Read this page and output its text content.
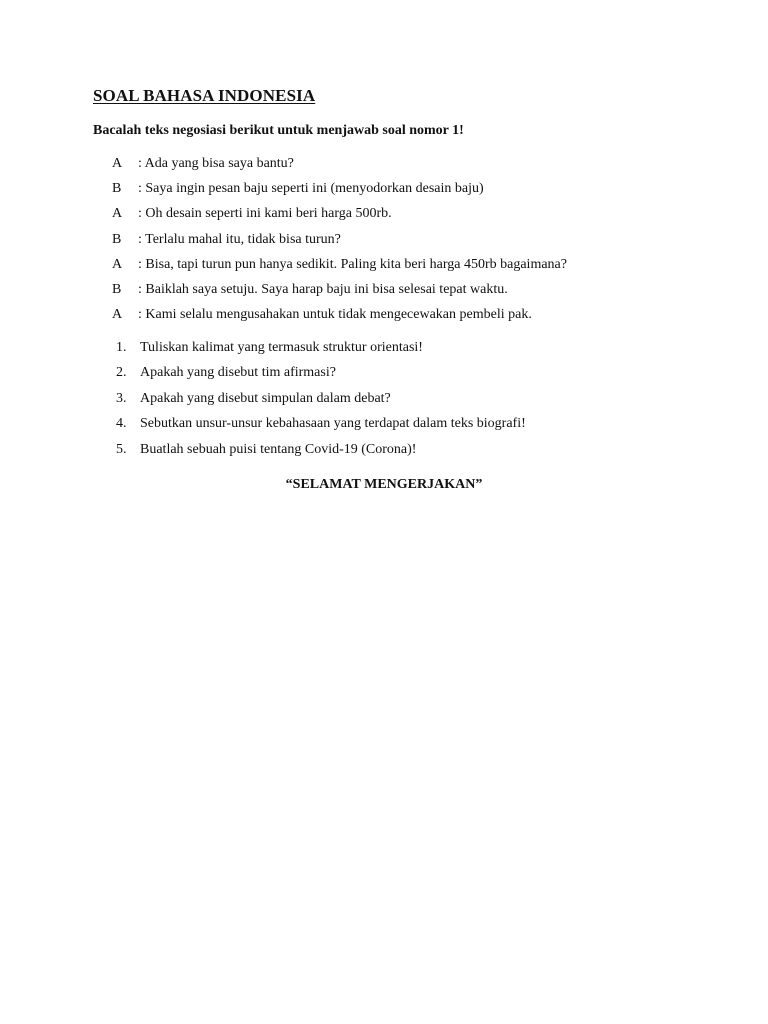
SOAL BAHASA INDONESIA
Bacalah teks negosiasi berikut untuk menjawab soal nomor 1!
A	: Ada yang bisa saya bantu?
B	: Saya ingin pesan baju seperti ini (menyodorkan desain baju)
A	: Oh desain seperti ini kami beri harga 500rb.
B	: Terlalu mahal itu, tidak bisa turun?
A	: Bisa, tapi turun pun hanya sedikit. Paling kita beri harga 450rb bagaimana?
B	: Baiklah saya setuju. Saya harap baju ini bisa selesai tepat waktu.
A	: Kami selalu mengusahakan untuk tidak mengecewakan pembeli pak.
1. Tuliskan kalimat yang termasuk struktur orientasi!
2. Apakah yang disebut tim afirmasi?
3. Apakah yang disebut simpulan dalam debat?
4. Sebutkan unsur-unsur kebahasaan yang terdapat dalam teks biografi!
5. Buatlah sebuah puisi tentang Covid-19 (Corona)!
“SELAMAT MENGERJAKAN”
